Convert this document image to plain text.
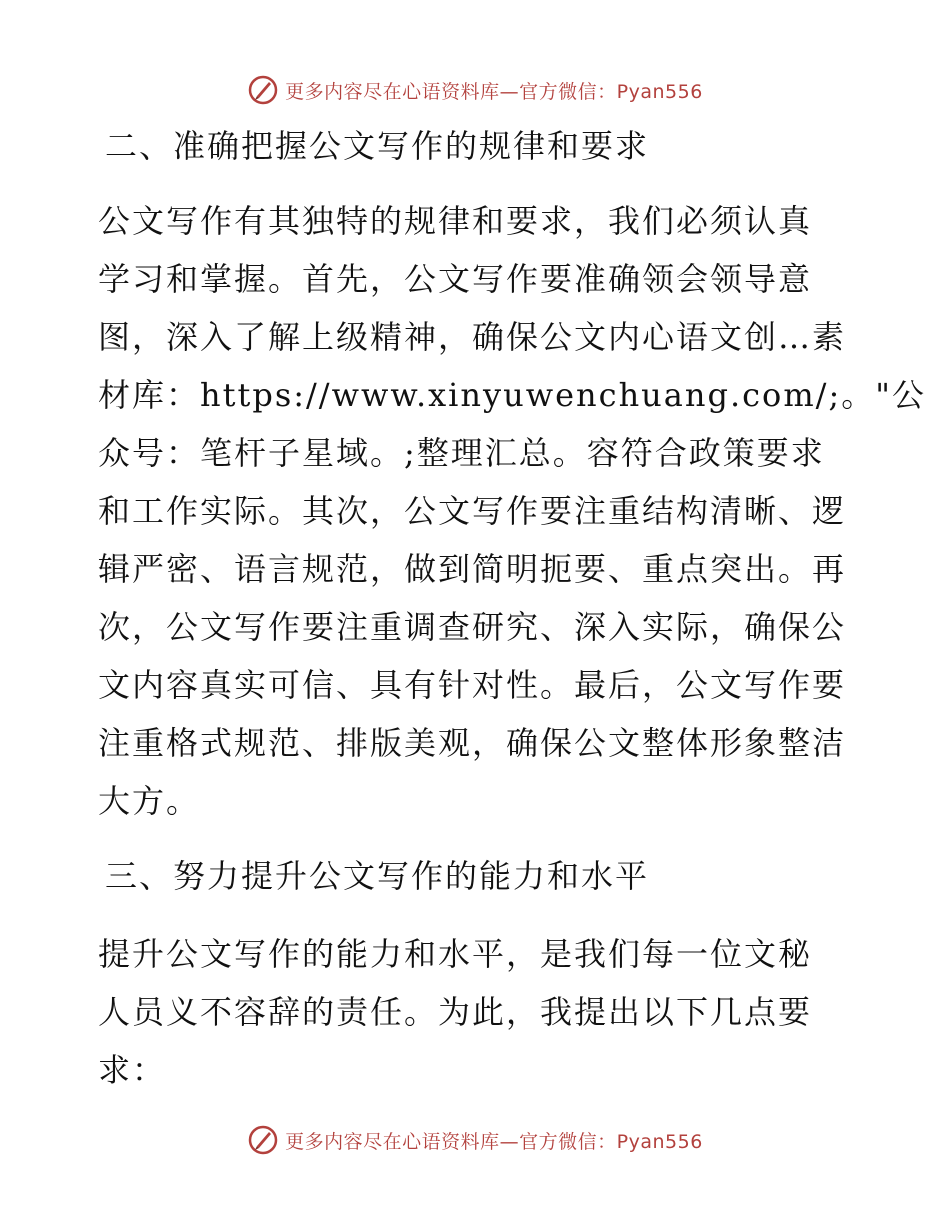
更多内容尽在心语资料库—官方微信：Pyan556
二、准确把握公文写作的规律和要求
公文写作有其独特的规律和要求，我们必须认真
学习和掌握。首先，公文写作要准确领会领导意
图，深入了解上级精神，确保公文内心语文创…素
材库：https://www.xinyuwenchuang.com/;。"公
众号：笔杆子星域。;整理汇总。容符合政策要求
和工作实际。其次，公文写作要注重结构清晰、逻
辑严密、语言规范，做到简明扼要、重点突出。再
次，公文写作要注重调查研究、深入实际，确保公
文内容真实可信、具有针对性。最后，公文写作要
注重格式规范、排版美观，确保公文整体形象整洁
大方。
三、努力提升公文写作的能力和水平
提升公文写作的能力和水平，是我们每一位文秘
人员义不容辞的责任。为此，我提出以下几点要
求：
更多内容尽在心语资料库—官方微信：Pyan556
